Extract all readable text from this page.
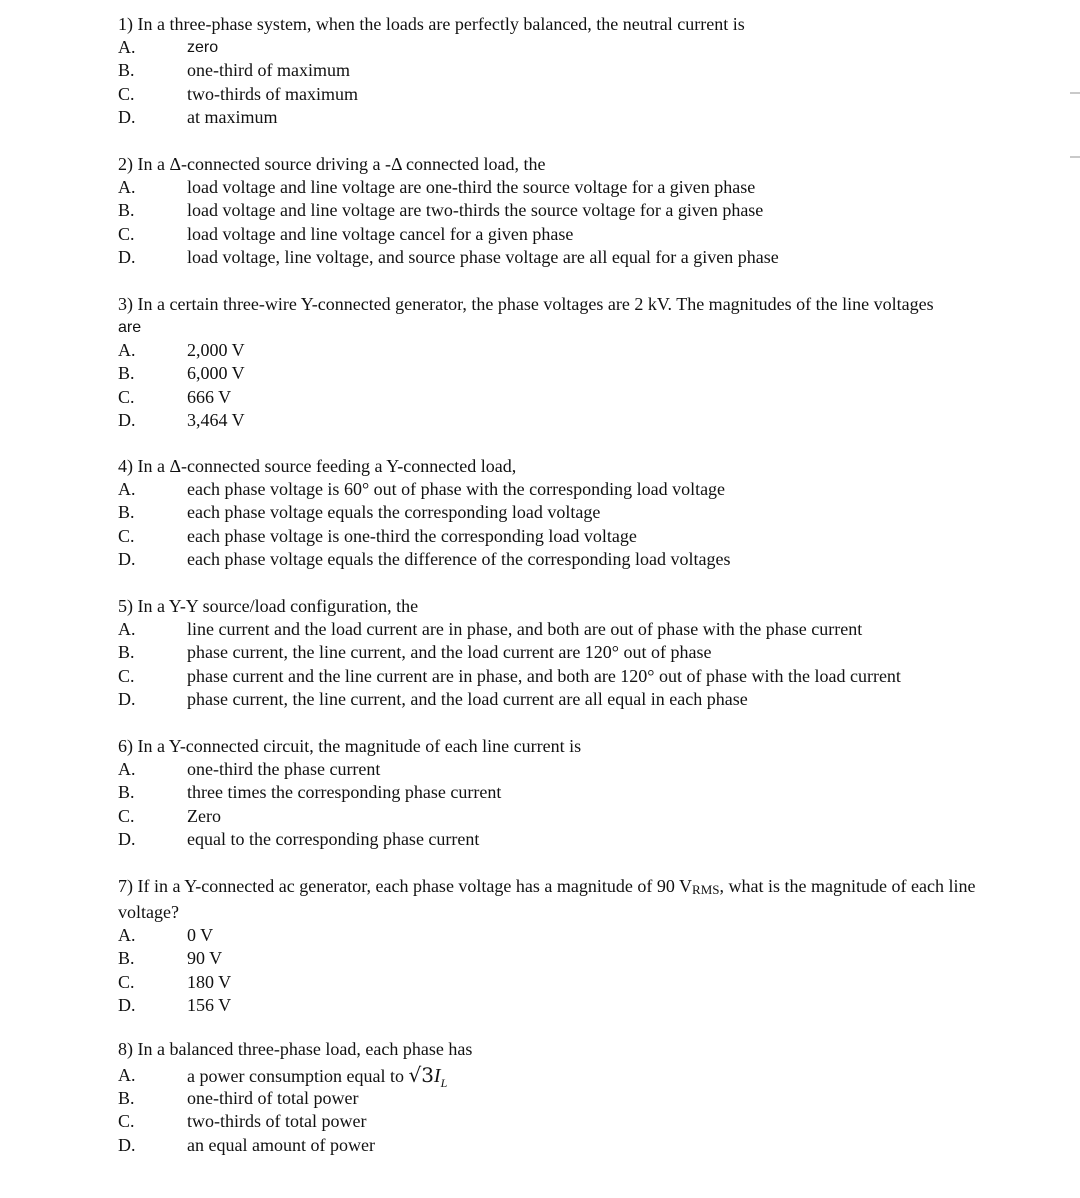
1) In a three-phase system, when the loads are perfectly balanced, the neutral current is
A.	zero
B.	one-third of maximum
C.	two-thirds of maximum
D.	at maximum
2) In a Δ-connected source driving a -Δ connected load, the
A.	load voltage and line voltage are one-third the source voltage for a given phase
B.	load voltage and line voltage are two-thirds the source voltage for a given phase
C.	load voltage and line voltage cancel for a given phase
D.	load voltage, line voltage, and source phase voltage are all equal for a given phase
3) In a certain three-wire Y-connected generator, the phase voltages are 2 kV. The magnitudes of the line voltages
are
A.	2,000 V
B.	6,000 V
C.	666 V
D.	3,464 V
4) In a Δ-connected source feeding a Y-connected load,
A.	each phase voltage is 60° out of phase with the corresponding load voltage
B.	each phase voltage equals the corresponding load voltage
C.	each phase voltage is one-third the corresponding load voltage
D.	each phase voltage equals the difference of the corresponding load voltages
5) In a Y-Y source/load configuration, the
A.	line current and the load current are in phase, and both are out of phase with the phase current
B.	phase current, the line current, and the load current are 120° out of phase
C.	phase current and the line current are in phase, and both are 120° out of phase with the load current
D.	phase current, the line current, and the load current are all equal in each phase
6) In a Y-connected circuit, the magnitude of each line current is
A.	one-third the phase current
B.	three times the corresponding phase current
C.	Zero
D.	equal to the corresponding phase current
7) If in a Y-connected ac generator, each phase voltage has a magnitude of 90 VRMS, what is the magnitude of each line voltage?
A.	0 V
B.	90 V
C.	180 V
D.	156 V
8) In a balanced three-phase load, each phase has
A.	a power consumption equal to $√3I_L$
B.	one-third of total power
C.	two-thirds of total power
D.	an equal amount of power
